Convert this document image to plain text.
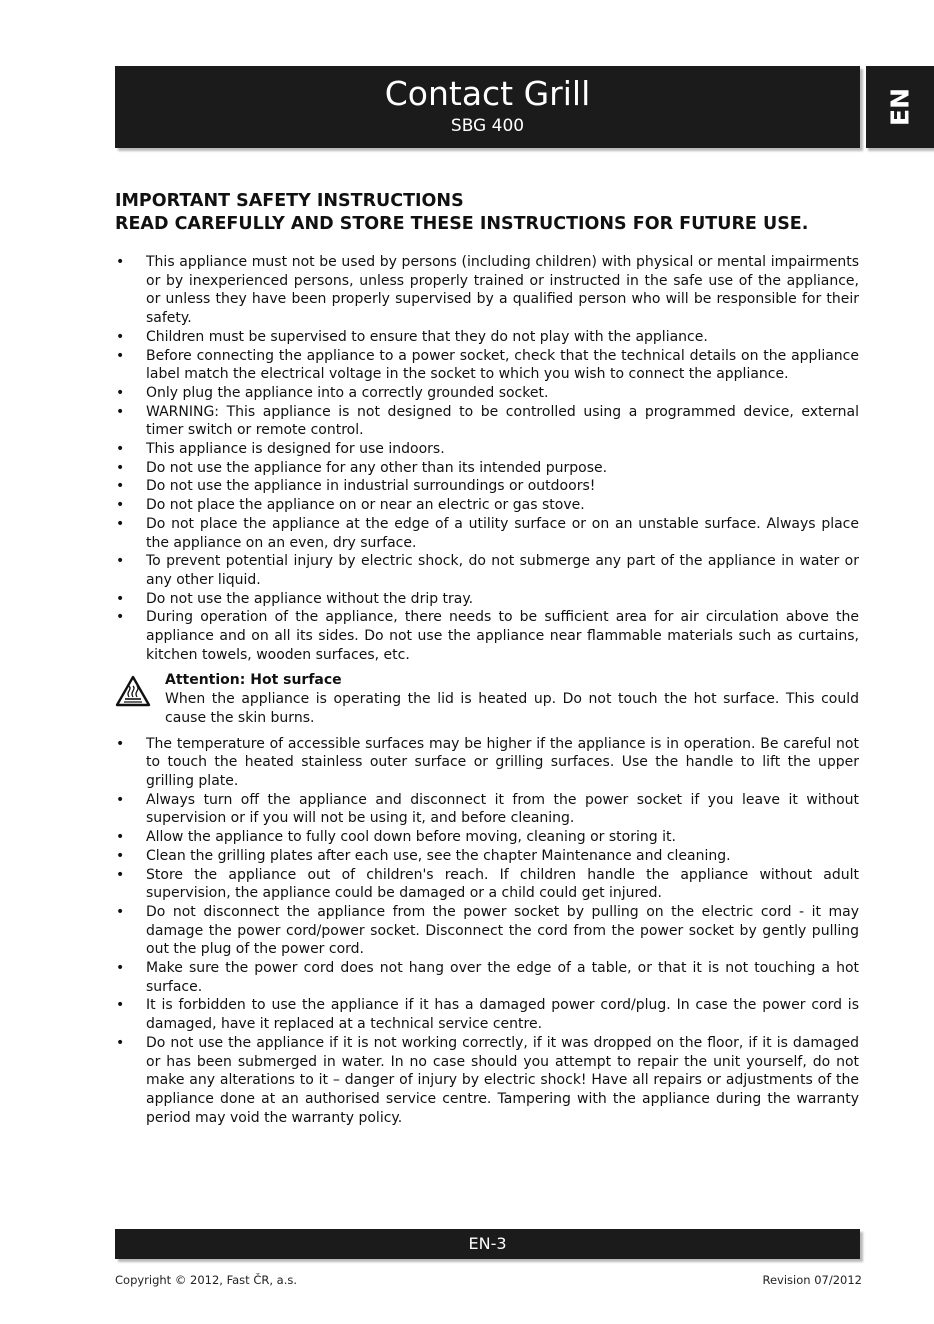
Contact Grill
SBG 400	EN
IMPORTANT SAFETY INSTRUCTIONS
READ CAREFULLY AND STORE THESE INSTRUCTIONS FOR FUTURE USE.
• This appliance must not be used by persons (including children) with physical or mental impairments or by inexperienced persons, unless properly trained or instructed in the safe use of the appliance, or unless they have been properly supervised by a qualified person who will be responsible for their safety.
• Children must be supervised to ensure that they do not play with the appliance.
• Before connecting the appliance to a power socket, check that the technical details on the appliance label match the electrical voltage in the socket to which you wish to connect the appliance.
• Only plug the appliance into a correctly grounded socket.
• WARNING: This appliance is not designed to be controlled using a programmed device, external timer switch or remote control.
• This appliance is designed for use indoors.
• Do not use the appliance for any other than its intended purpose.
• Do not use the appliance in industrial surroundings or outdoors!
• Do not place the appliance on or near an electric or gas stove.
• Do not place the appliance at the edge of a utility surface or on an unstable surface. Always place the appliance on an even, dry surface.
• To prevent potential injury by electric shock, do not submerge any part of the appliance in water or any other liquid.
• Do not use the appliance without the drip tray.
• During operation of the appliance, there needs to be sufficient area for air circulation above the appliance and on all its sides. Do not use the appliance near flammable materials such as curtains, kitchen towels, wooden surfaces, etc.
Attention: Hot surface
When the appliance is operating the lid is heated up. Do not touch the hot surface. This could cause the skin burns.
• The temperature of accessible surfaces may be higher if the appliance is in operation. Be careful not to touch the heated stainless outer surface or grilling surfaces. Use the handle to lift the upper grilling plate.
• Always turn off the appliance and disconnect it from the power socket if you leave it without supervision or if you will not be using it, and before cleaning.
• Allow the appliance to fully cool down before moving, cleaning or storing it.
• Clean the grilling plates after each use, see the chapter Maintenance and cleaning.
• Store the appliance out of children's reach. If children handle the appliance without adult supervision, the appliance could be damaged or a child could get injured.
• Do not disconnect the appliance from the power socket by pulling on the electric cord - it may damage the power cord/power socket. Disconnect the cord from the power socket by gently pulling out the plug of the power cord.
• Make sure the power cord does not hang over the edge of a table, or that it is not touching a hot surface.
• It is forbidden to use the appliance if it has a damaged power cord/plug. In case the power cord is damaged, have it replaced at a technical service centre.
• Do not use the appliance if it is not working correctly, if it was dropped on the floor, if it is damaged or has been submerged in water. In no case should you attempt to repair the unit yourself, do not make any alterations to it – danger of injury by electric shock! Have all repairs or adjustments of the appliance done at an authorised service centre. Tampering with the appliance during the warranty period may void the warranty policy.
EN-3
Copyright © 2012, Fast ČR, a.s.	Revision 07/2012
